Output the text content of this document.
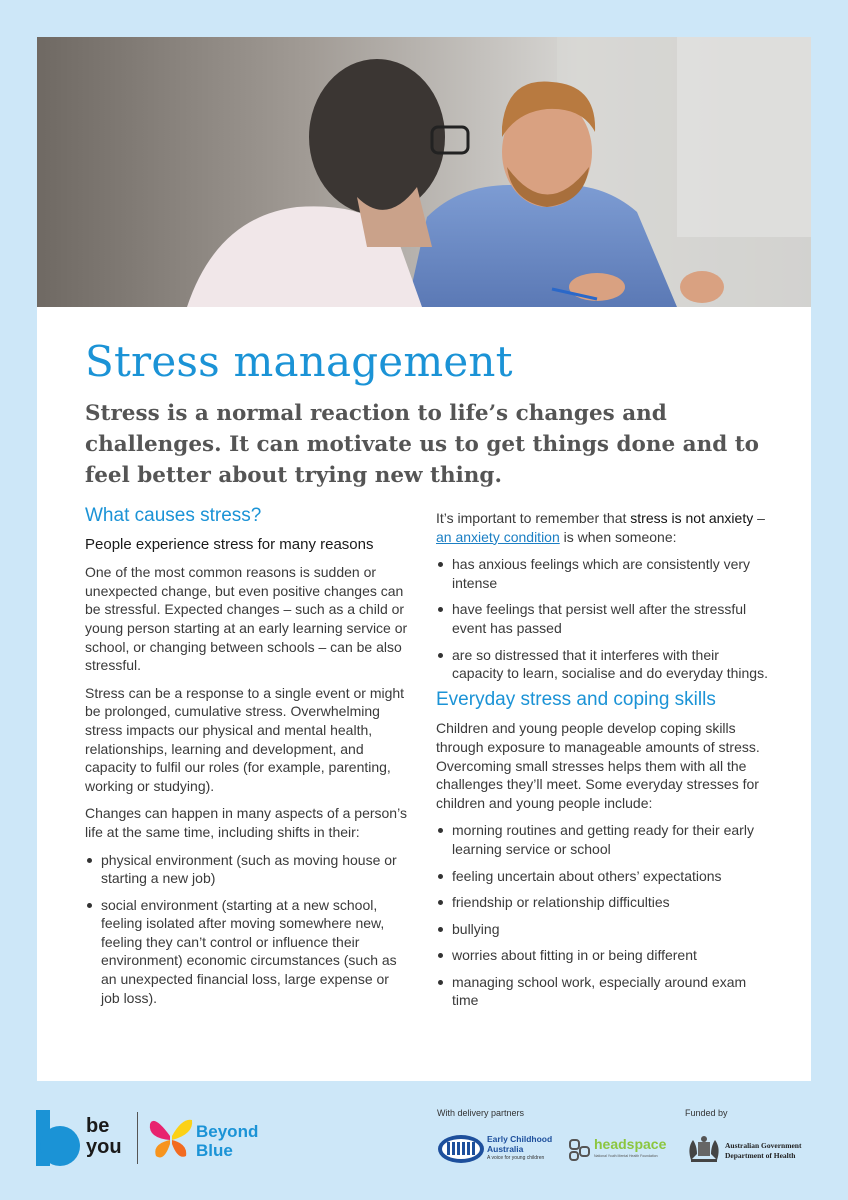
Stress management

Stress is a normal reaction to life’s changes and challenges. It can motivate us to get things done and to feel better about trying new thing.

What causes stress?
People experience stress for many reasons

One of the most common reasons is sudden or unexpected change, but even positive changes can be stressful. Expected changes – such as a child or young person starting at an early learning service or school, or changing between schools – can be also stressful.

Stress can be a response to a single event or might be prolonged, cumulative stress. Overwhelming stress impacts our physical and mental health, relationships, learning and development, and capacity to fulfil our roles (for example, parenting, working or studying).

Changes can happen in many aspects of a person’s life at the same time, including shifts in their:

physical environment (such as moving house or starting a new job)
social environment (starting at a new school, feeling isolated after moving somewhere new, feeling they can’t control or influence their environment) economic circumstances (such as an unexpected financial loss, large expense or job loss).

It’s important to remember that stress is not anxiety – an anxiety condition is when someone:

has anxious feelings which are consistently very intense
have feelings that persist well after the stressful event has passed
are so distressed that it interferes with their capacity to learn, socialise and do everyday things.
Everyday stress and coping skills

Children and young people develop coping skills through exposure to manageable amounts of stress. Overcoming small stresses helps them with all the challenges they’ll meet. Some everyday stresses for children and young people include:

morning routines and getting ready for their early learning service or school
feeling uncertain about others’ expectations
friendship or relationship difficulties
bullying
worries about fitting in or being different
managing school work, especially around exam time
be
you
Beyond
Blue
With delivery partners	Funded by
Early Childhood
Australia
A voice for young children
headspace
National Youth Mental Health Foundation
Australian Government
Department of Health
